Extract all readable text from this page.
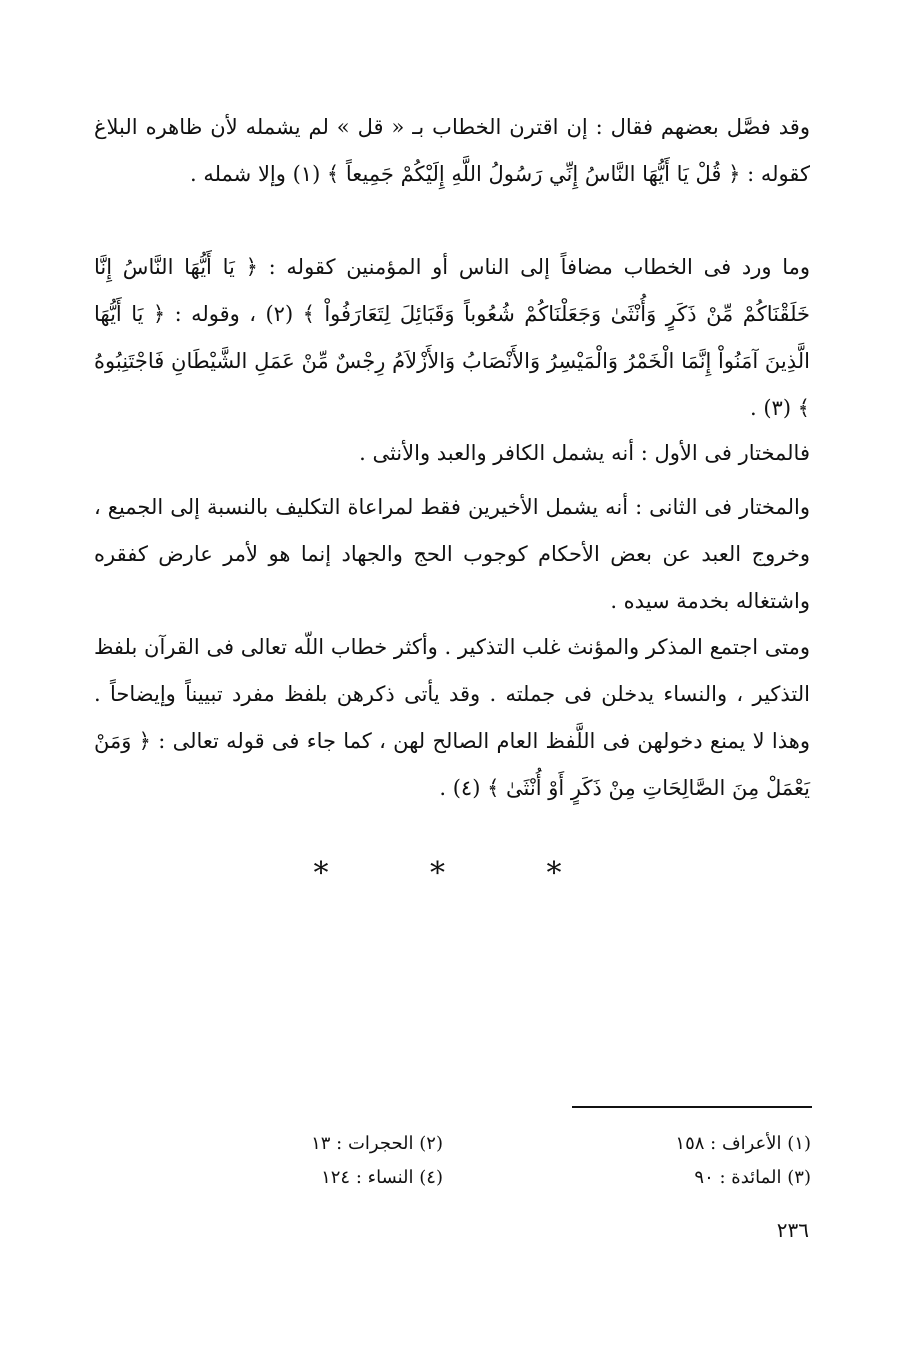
وقد فصَّل بعضهم فقال : إن اقترن الخطاب بـ « قل » لم يشمله لأن ظاهره البلاغ كقوله : ﴿ قُلْ يَا أَيُّهَا النَّاسُ إِنِّي رَسُولُ اللَّهِ إِلَيْكُمْ جَمِيعاً ﴾ (١) وإلا شمله .

وما ورد فى الخطاب مضافاً إلى الناس أو المؤمنين كقوله : ﴿ يَا أَيُّهَا النَّاسُ إِنَّا خَلَقْنَاكُمْ مِّنْ ذَكَرٍ وَأُنْثَىٰ وَجَعَلْنَاكُمْ شُعُوباً وَقَبَائِلَ لِتَعَارَفُواْ ﴾ (٢) ، وقوله : ﴿ يَا أَيُّهَا الَّذِينَ آمَنُواْ إِنَّمَا الْخَمْرُ وَالْمَيْسِرُ وَالأَنْصَابُ وَالأَزْلاَمُ رِجْسٌ مِّنْ عَمَلِ الشَّيْطَانِ فَاجْتَنِبُوهُ ﴾ (٣) .

فالمختار فى الأول : أنه يشمل الكافر والعبد والأنثى .

والمختار فى الثانى : أنه يشمل الأخيرين فقط لمراعاة التكليف بالنسبة إلى الجميع ، وخروج العبد عن بعض الأحكام كوجوب الحج والجهاد إنما هو لأمر عارض كفقره واشتغاله بخدمة سيده .

ومتى اجتمع المذكر والمؤنث غلب التذكير . وأكثر خطاب اللّه تعالى فى القرآن بلفظ التذكير ، والنساء يدخلن فى جملته . وقد يأتى ذكرهن بلفظ مفرد تبييناً وإيضاحاً . وهذا لا يمنع دخولهن فى اللَّفظ العام الصالح لهن ، كما جاء فى قوله تعالى : ﴿ وَمَنْ يَعْمَلْ مِنَ الصَّالِحَاتِ مِنْ ذَكَرٍ أَوْ أُنْثَىٰ ﴾ (٤) .

* * *
(١) الأعراف : ١٥٨
(٢) الحجرات : ١٣
(٣) المائدة : ٩٠
(٤) النساء : ١٢٤
٢٣٦
